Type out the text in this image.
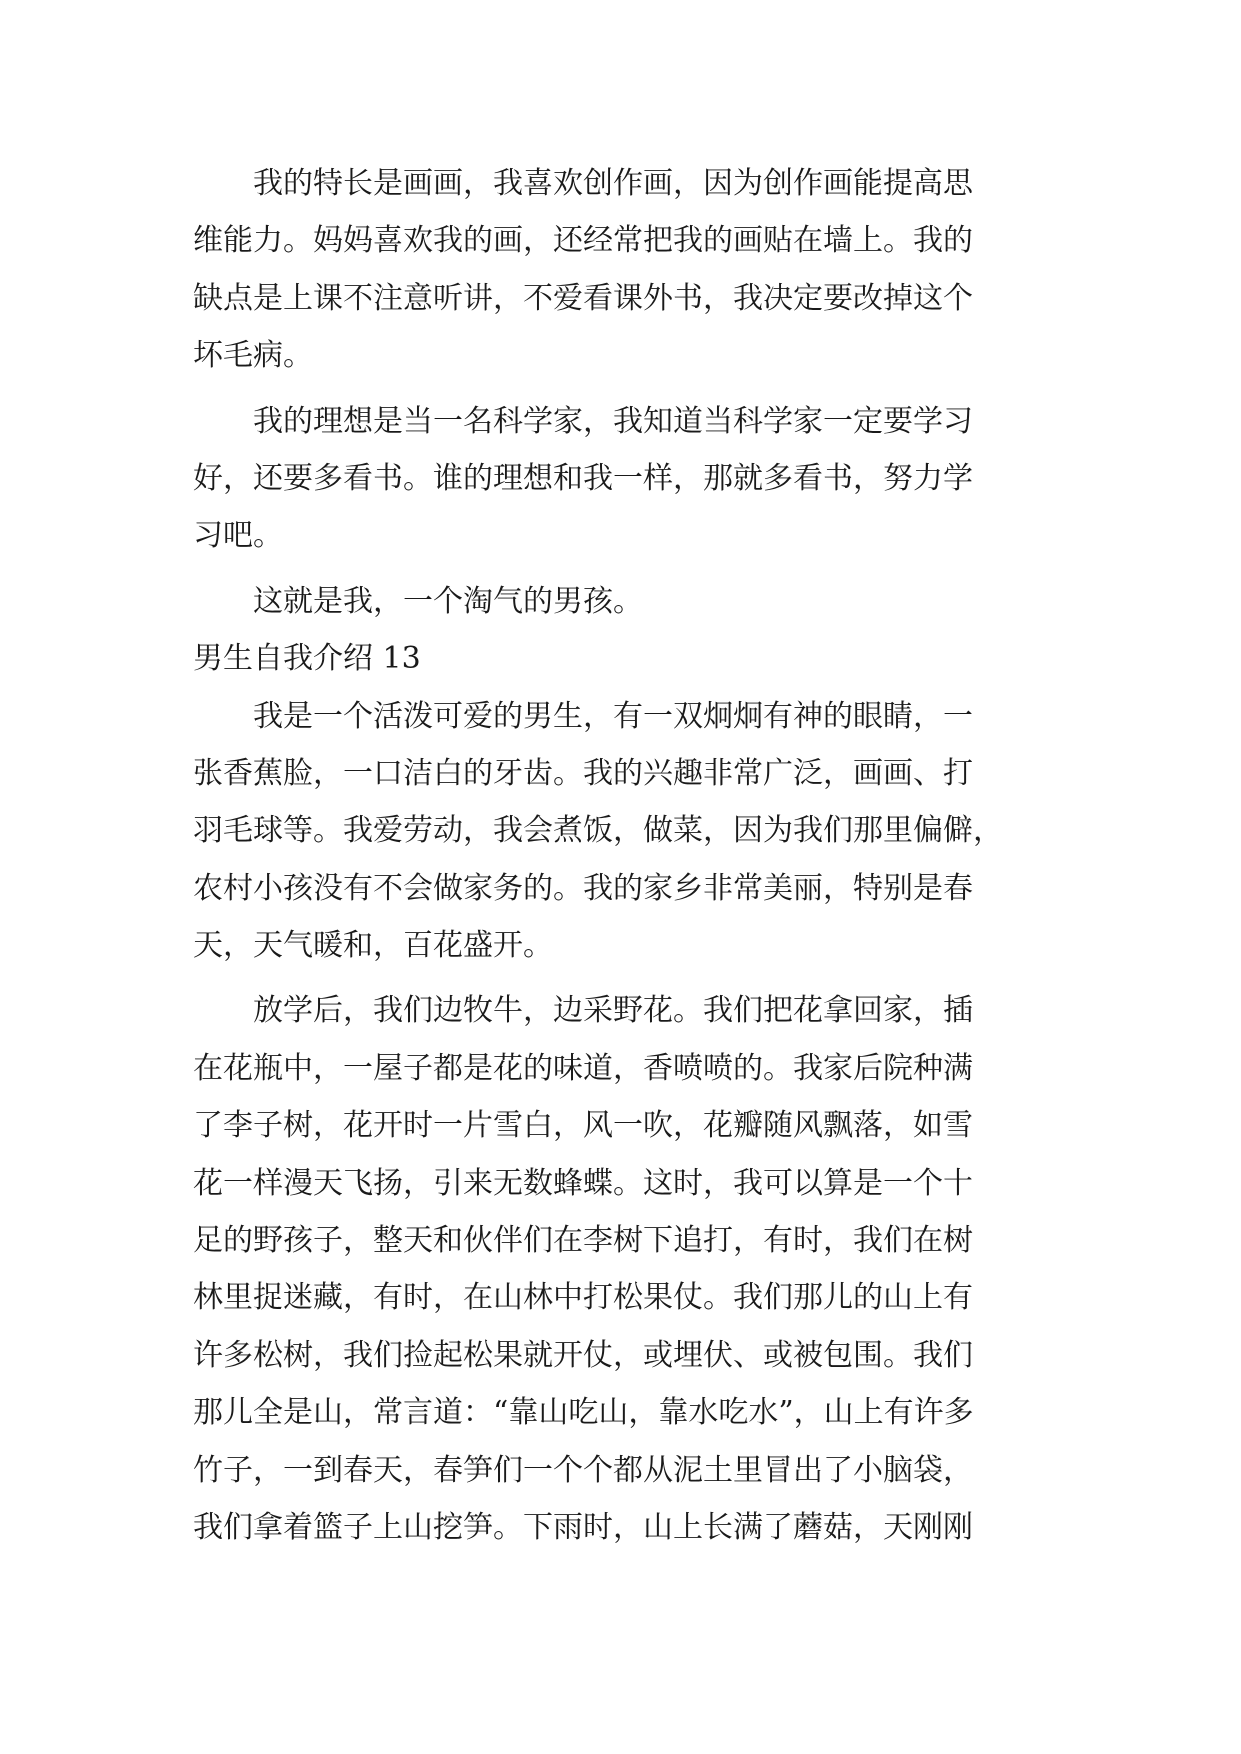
　　我的特长是画画，我喜欢创作画，因为创作画能提高思
维能力。妈妈喜欢我的画，还经常把我的画贴在墙上。我的
缺点是上课不注意听讲，不爱看课外书，我决定要改掉这个
坏毛病。
　　我的理想是当一名科学家，我知道当科学家一定要学习
好，还要多看书。谁的理想和我一样，那就多看书，努力学
习吧。
　　这就是我，一个淘气的男孩。
男生自我介绍 13
　　我是一个活泼可爱的男生，有一双炯炯有神的眼睛，一
张香蕉脸，一口洁白的牙齿。我的兴趣非常广泛，画画、打
羽毛球等。我爱劳动，我会煮饭，做菜，因为我们那里偏僻，
农村小孩没有不会做家务的。我的家乡非常美丽，特别是春
天，天气暖和，百花盛开。
　　放学后，我们边牧牛，边采野花。我们把花拿回家，插
在花瓶中，一屋子都是花的味道，香喷喷的。我家后院种满
了李子树，花开时一片雪白，风一吹，花瓣随风飘落，如雪
花一样漫天飞扬，引来无数蜂蝶。这时，我可以算是一个十
足的野孩子，整天和伙伴们在李树下追打，有时，我们在树
林里捉迷藏，有时，在山林中打松果仗。我们那儿的山上有
许多松树，我们捡起松果就开仗，或埋伏、或被包围。我们
那儿全是山，常言道：“靠山吃山，靠水吃水”，山上有许多
竹子，一到春天，春笋们一个个都从泥土里冒出了小脑袋，
我们拿着篮子上山挖笋。下雨时，山上长满了蘑菇，天刚刚
